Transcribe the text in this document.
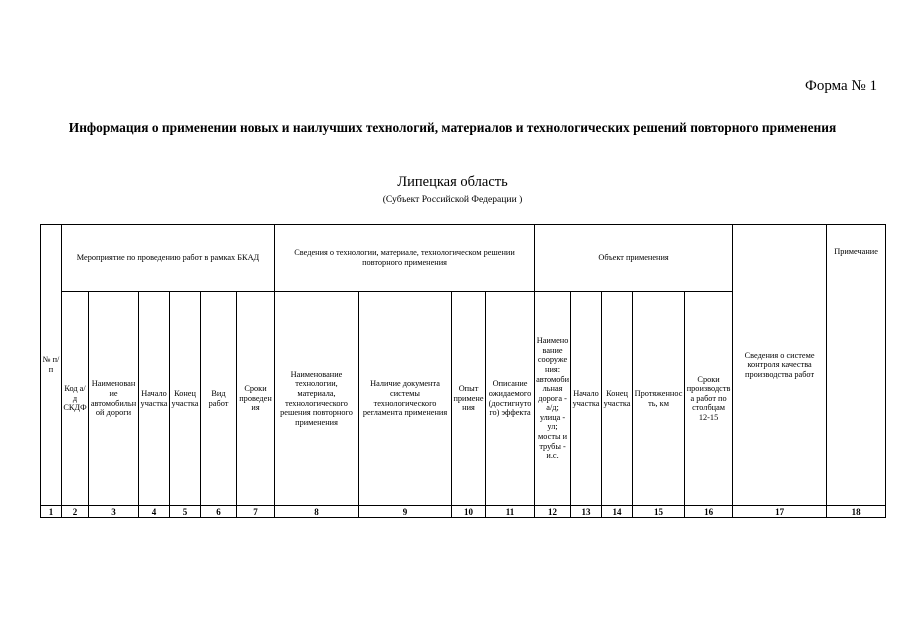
Форма № 1
Информация о применении новых и наилучших технологий, материалов и технологических решений повторного применения
Липецкая область
(Субъект Российской Федерации )
№ п/п	Мероприятие по проведению работ в рамках БКАД						Сведения о технологии, материале, технологическом решении повторного применения				Объект применения					Сведения о системе контроля качества производства работ	Примечание
	Код а/д СКДФ	Наименование автомобильной дороги	Начало участка	Конец участка	Вид работ	Сроки проведения	Наименование технологии, материала, технологического решения повторного применения	Наличие документа системы технологического регламента применения	Опыт применения	Описание ожидаемого (достигнутого) эффекта	Наименование сооружения: автомобильная дорога - а/д; улица - ул; мосты и трубы - и.с.	Начало участка	Конец участка	Протяженность, км	Сроки производства работ по столбцам 12-15		
1	2	3	4	5	6	7	8	9	10	11	12	13	14	15	16	17	18
